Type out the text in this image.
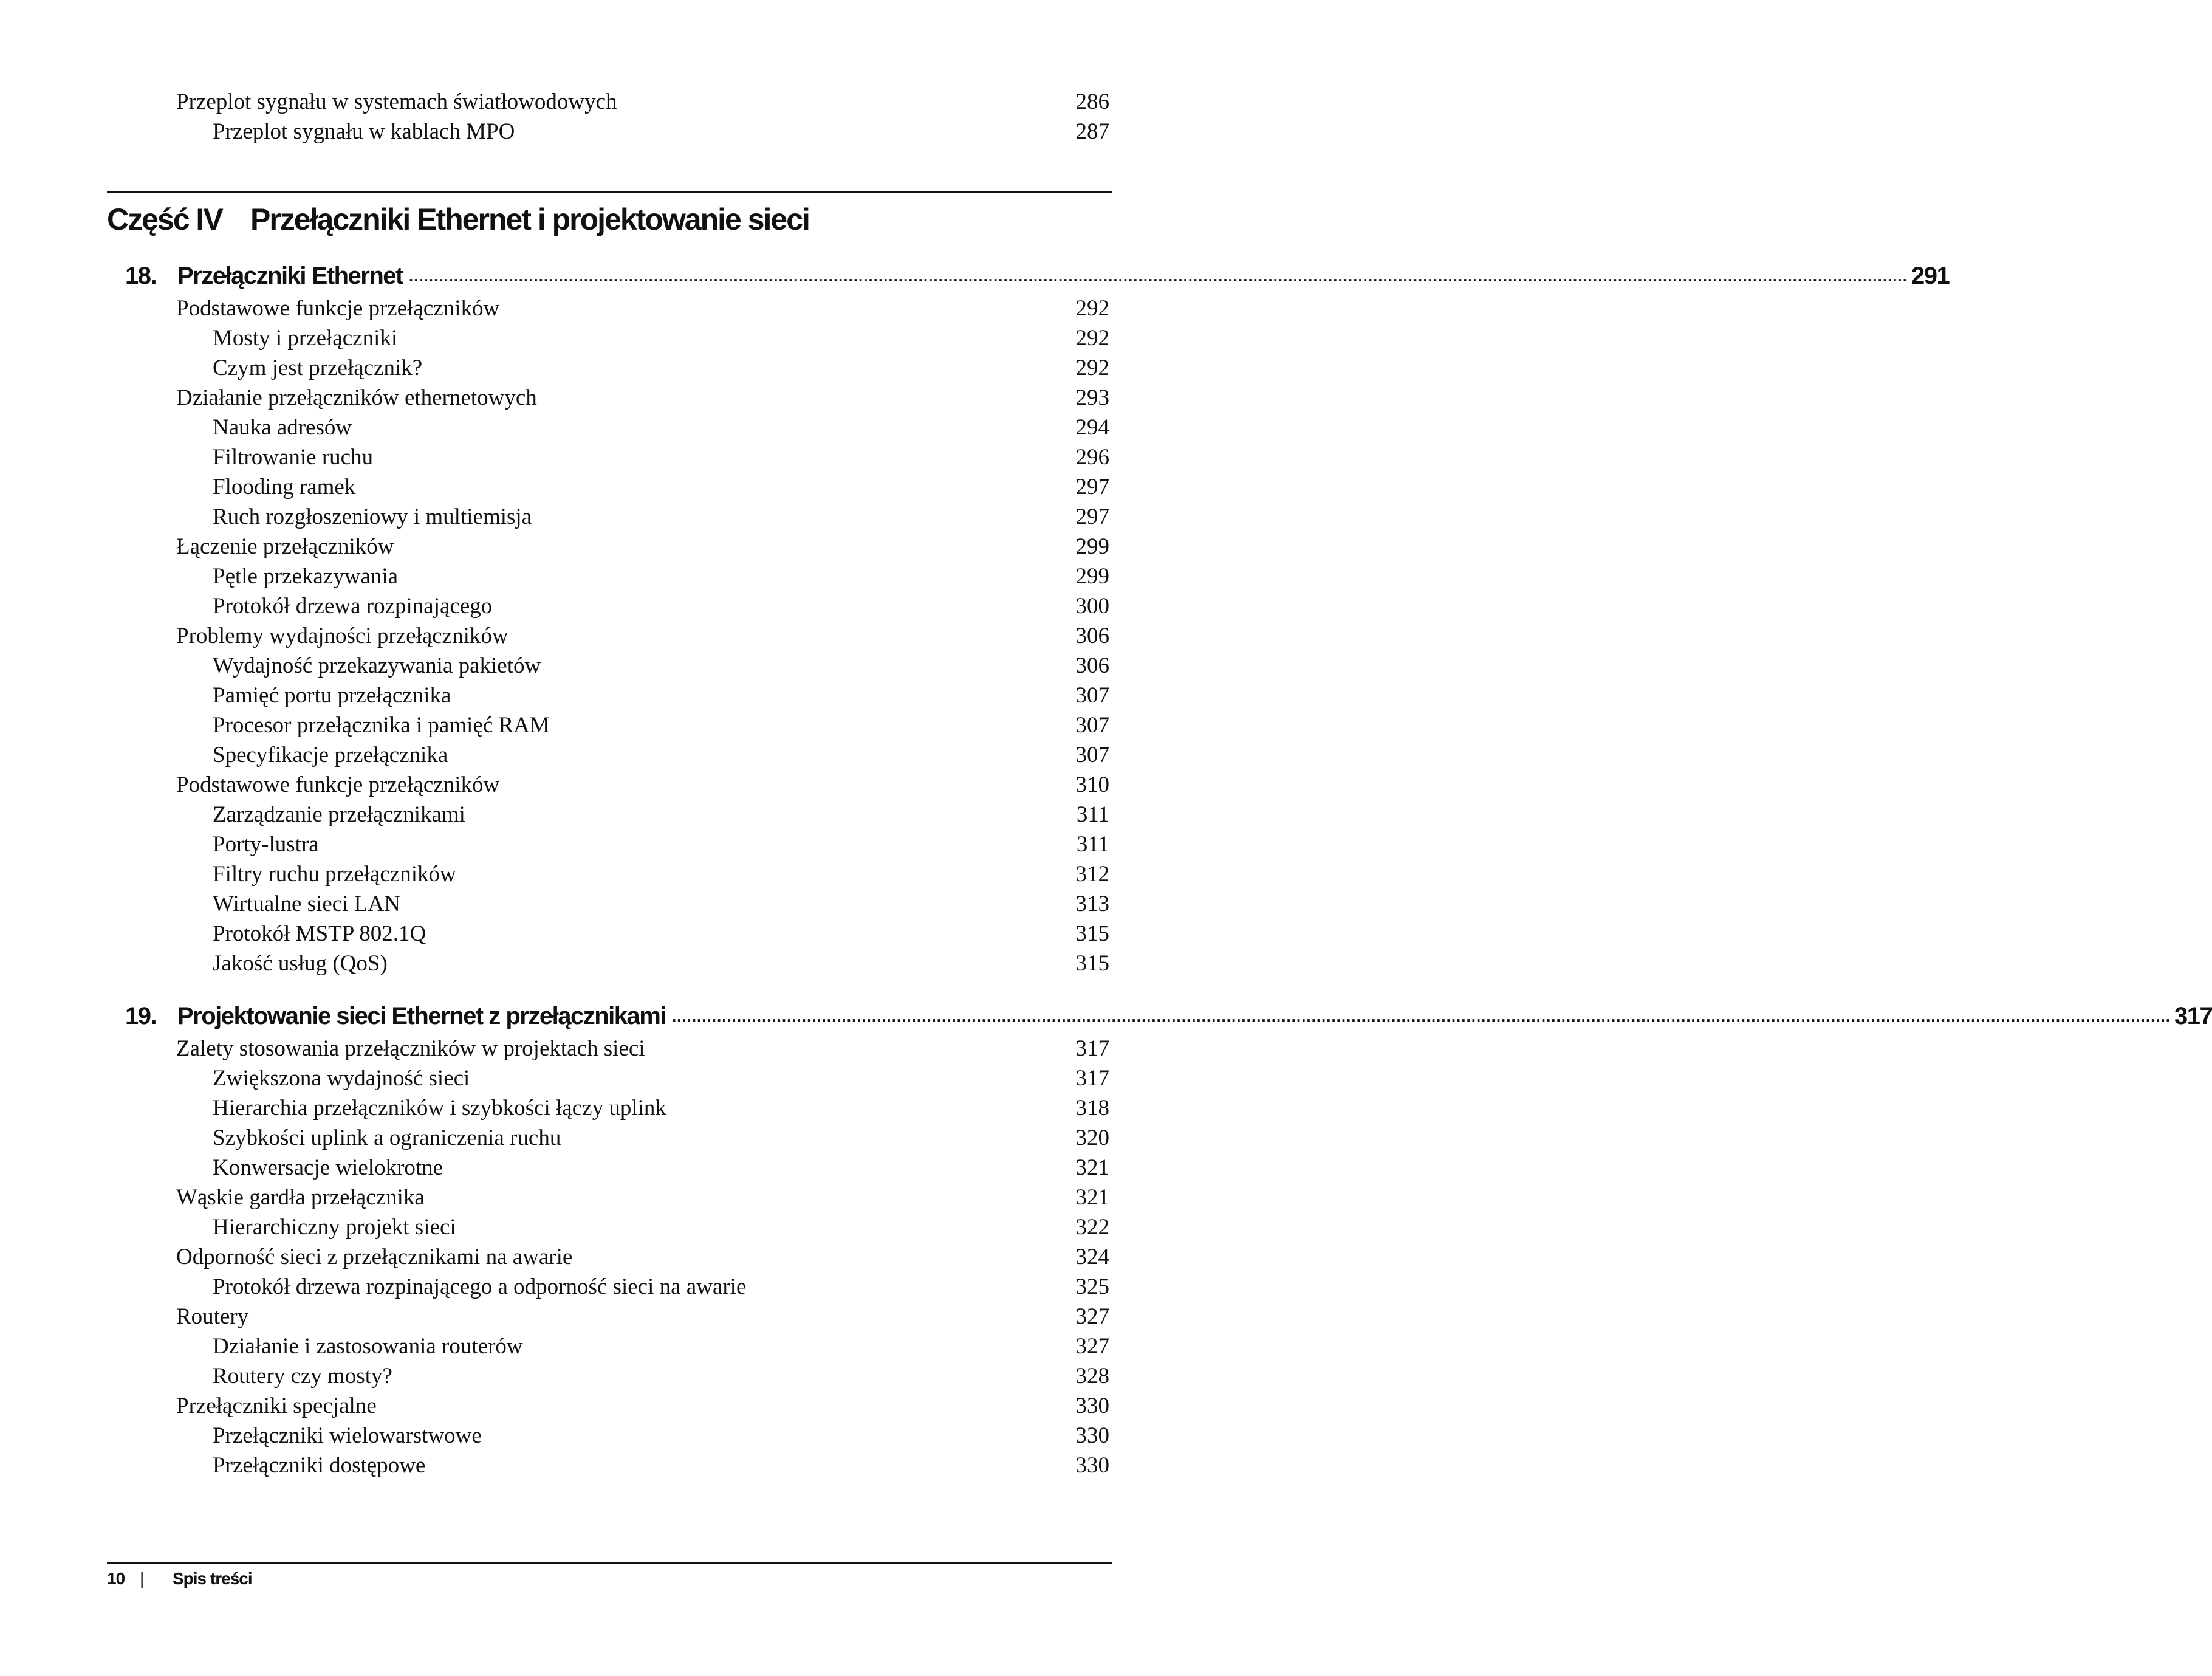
Przeplot sygnału w systemach światłowodowych	286
Przeplot sygnału w kablach MPO	287
Część IV Przełączniki Ethernet i projektowanie sieci
18. Przełączniki Ethernet ............................................................................................................................................................................................................................................................................................................ 291
Podstawowe funkcje przełączników	292
Mosty i przełączniki	292
Czym jest przełącznik?	292
Działanie przełączników ethernetowych	293
Nauka adresów	294
Filtrowanie ruchu	296
Flooding ramek	297
Ruch rozgłoszeniowy i multiemisja	297
Łączenie przełączników	299
Pętle przekazywania	299
Protokół drzewa rozpinającego	300
Problemy wydajności przełączników	306
Wydajność przekazywania pakietów	306
Pamięć portu przełącznika	307
Procesor przełącznika i pamięć RAM	307
Specyfikacje przełącznika	307
Podstawowe funkcje przełączników	310
Zarządzanie przełącznikami	311
Porty-lustra	311
Filtry ruchu przełączników	312
Wirtualne sieci LAN	313
Protokół MSTP 802.1Q	315
Jakość usług (QoS)	315
19. Projektowanie sieci Ethernet z przełącznikami ............................................................................................................................................................................................................................................................................................................ 317
Zalety stosowania przełączników w projektach sieci	317
Zwiększona wydajność sieci	317
Hierarchia przełączników i szybkości łączy uplink	318
Szybkości uplink a ograniczenia ruchu	320
Konwersacje wielokrotne	321
Wąskie gardła przełącznika	321
Hierarchiczny projekt sieci	322
Odporność sieci z przełącznikami na awarie	324
Protokół drzewa rozpinającego a odporność sieci na awarie	325
Routery	327
Działanie i zastosowania routerów	327
Routery czy mosty?	328
Przełączniki specjalne	330
Przełączniki wielowarstwowe	330
Przełączniki dostępowe	330
10 | Spis treści
